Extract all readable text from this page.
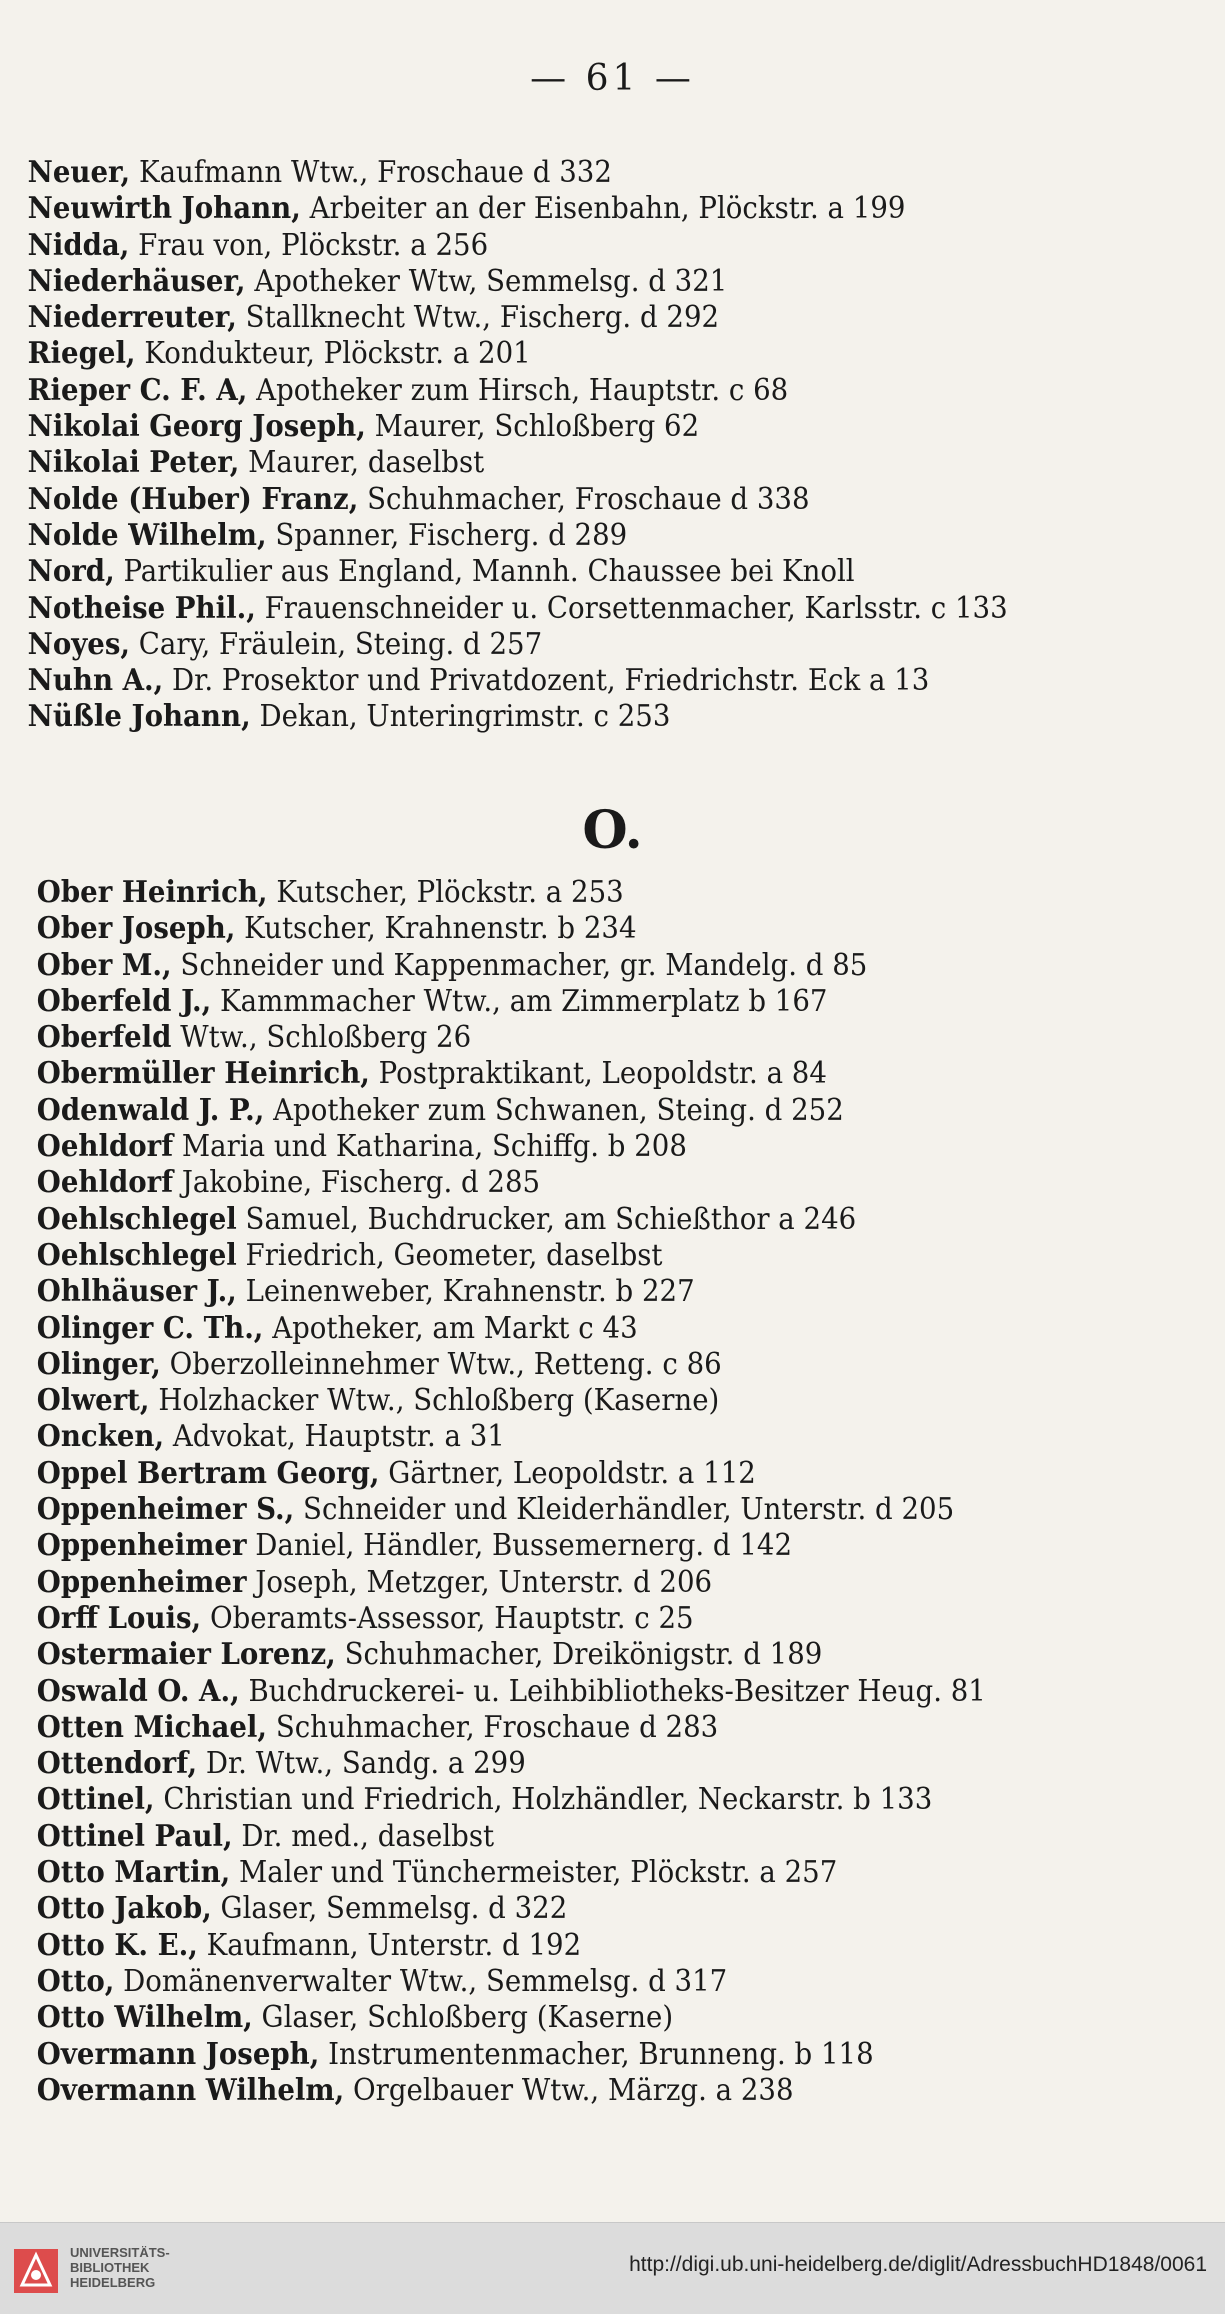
— 61 —
Neuer, Kaufmann Wtw., Froschaue d 332
Neuwirth Johann, Arbeiter an der Eisenbahn, Plöckstr. a 199
Nidda, Frau von, Plöckstr. a 256
Niederhäuser, Apotheker Wtw, Semmelsg. d 321
Niederreuter, Stallknecht Wtw., Fischerg. d 292
Riegel, Kondukteur, Plöckstr. a 201
Rieper C. F. A, Apotheker zum Hirsch, Hauptstr. c 68
Nikolai Georg Joseph, Maurer, Schloßberg 62
Nikolai Peter, Maurer, daselbst
Nolde (Huber) Franz, Schuhmacher, Froschaue d 338
Nolde Wilhelm, Spanner, Fischerg. d 289
Nord, Partikulier aus England, Mannh. Chaussee bei Knoll
Notheise Phil., Frauenschneider u. Corsettenmacher, Karlsstr. c 133
Noyes, Cary, Fräulein, Steing. d 257
Nuhn A., Dr. Prosektor und Privatdozent, Friedrichstr. Eck a 13
Nüßle Johann, Dekan, Unteringrimstr. c 253
O.
Ober Heinrich, Kutscher, Plöckstr. a 253
Ober Joseph, Kutscher, Krahnenstr. b 234
Ober M., Schneider und Kappenmacher, gr. Mandelg. d 85
Oberfeld J., Kammmacher Wtw., am Zimmerplatz b 167
Oberfeld Wtw., Schloßberg 26
Obermüller Heinrich, Postpraktikant, Leopoldstr. a 84
Odenwald J. P., Apotheker zum Schwanen, Steing. d 252
Oehldorf Maria und Katharina, Schiffg. b 208
Oehldorf Jakobine, Fischerg. d 285
Oehlschlegel Samuel, Buchdrucker, am Schießthor a 246
Oehlschlegel Friedrich, Geometer, daselbst
Ohlhäuser J., Leinenweber, Krahnenstr. b 227
Olinger C. Th., Apotheker, am Markt c 43
Olinger, Oberzolleinnehmer Wtw., Retteng. c 86
Olwert, Holzhacker Wtw., Schloßberg (Kaserne)
Oncken, Advokat, Hauptstr. a 31
Oppel Bertram Georg, Gärtner, Leopoldstr. a 112
Oppenheimer S., Schneider und Kleiderhändler, Unterstr. d 205
Oppenheimer Daniel, Händler, Bussemernerg. d 142
Oppenheimer Joseph, Metzger, Unterstr. d 206
Orff Louis, Oberamts-Assessor, Hauptstr. c 25
Ostermaier Lorenz, Schuhmacher, Dreikönigstr. d 189
Oswald O. A., Buchdruckerei- u. Leihbibliotheks-Besitzer Heug. 81
Otten Michael, Schuhmacher, Froschaue d 283
Ottendorf, Dr. Wtw., Sandg. a 299
Ottinel, Christian und Friedrich, Holzhändler, Neckarstr. b 133
Ottinel Paul, Dr. med., daselbst
Otto Martin, Maler und Tünchermeister, Plöckstr. a 257
Otto Jakob, Glaser, Semmelsg. d 322
Otto K. E., Kaufmann, Unterstr. d 192
Otto, Domänenverwalter Wtw., Semmelsg. d 317
Otto Wilhelm, Glaser, Schloßberg (Kaserne)
Overmann Joseph, Instrumentenmacher, Brunneng. b 118
Overmann Wilhelm, Orgelbauer Wtw., Märzg. a 238
UNIVERSITÄTS-
BIBLIOTHEK
HEIDELBERG
http://digi.ub.uni-heidelberg.de/diglit/AdressbuchHD1848/0061
